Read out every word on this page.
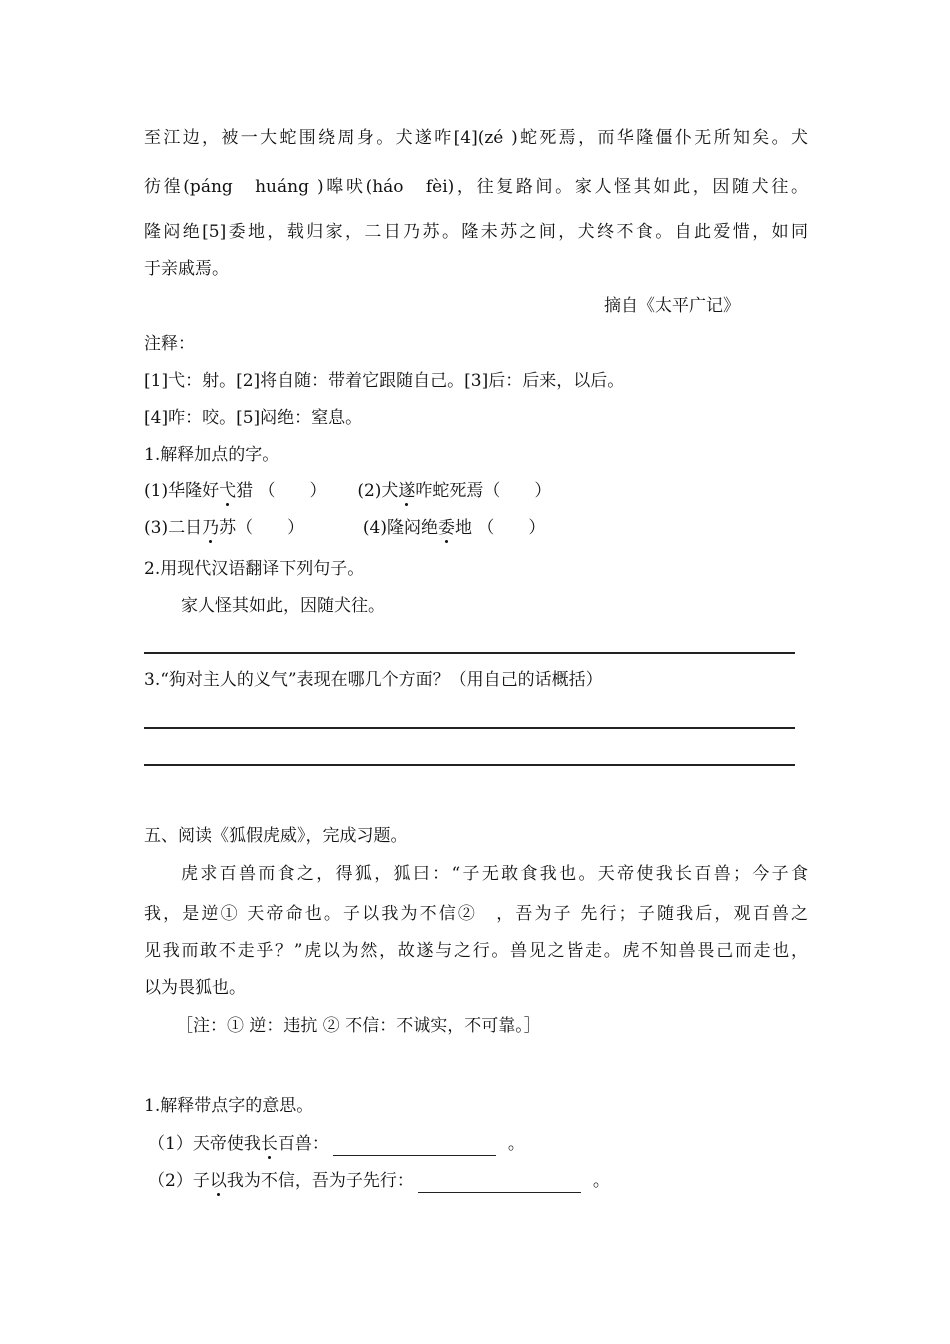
至江边，被一大蛇围绕周身。犬遂咋[4](zé )蛇死焉，而华隆僵仆无所知矣。犬
彷徨(páng　huáng )嗥吠(háo　fèi)，往复路间。家人怪其如此，因随犬往。
隆闷绝[5]委地，载归家，二日乃苏。隆未苏之间，犬终不食。自此爱惜，如同
于亲戚焉。
摘自《太平广记》
注释：
[1]弋：射。[2]将自随：带着它跟随自己。[3]后：后来，以后。
[4]咋：咬。[5]闷绝：窒息。
1.解释加点的字。
(1)华隆好弋猎 （　　） (2)犬遂咋蛇死焉（　　）
(3)二日乃苏（　　）	(4)隆闷绝委地 （　　）
2.用现代汉语翻译下列句子。
家人怪其如此，因随犬往。
3.“狗对主人的义气”表现在哪几个方面？（用自己的话概括）
五、阅读《狐假虎威》，完成习题。
虎求百兽而食之，得狐，狐曰：“子无敢食我也。天帝使我长百兽；今子食
我，是逆① 天帝命也。子以我为不信②　，吾为子 先行；子随我后，观百兽之
见我而敢不走乎？”虎以为然，故遂与之行。兽见之皆走。虎不知兽畏己而走也，
以为畏狐也。
［注：① 逆：违抗 ② 不信：不诚实，不可靠。］
1.解释带点字的意思。
（1）天帝使我长百兽：	。
（2）子以我为不信，吾为子先行：	。
